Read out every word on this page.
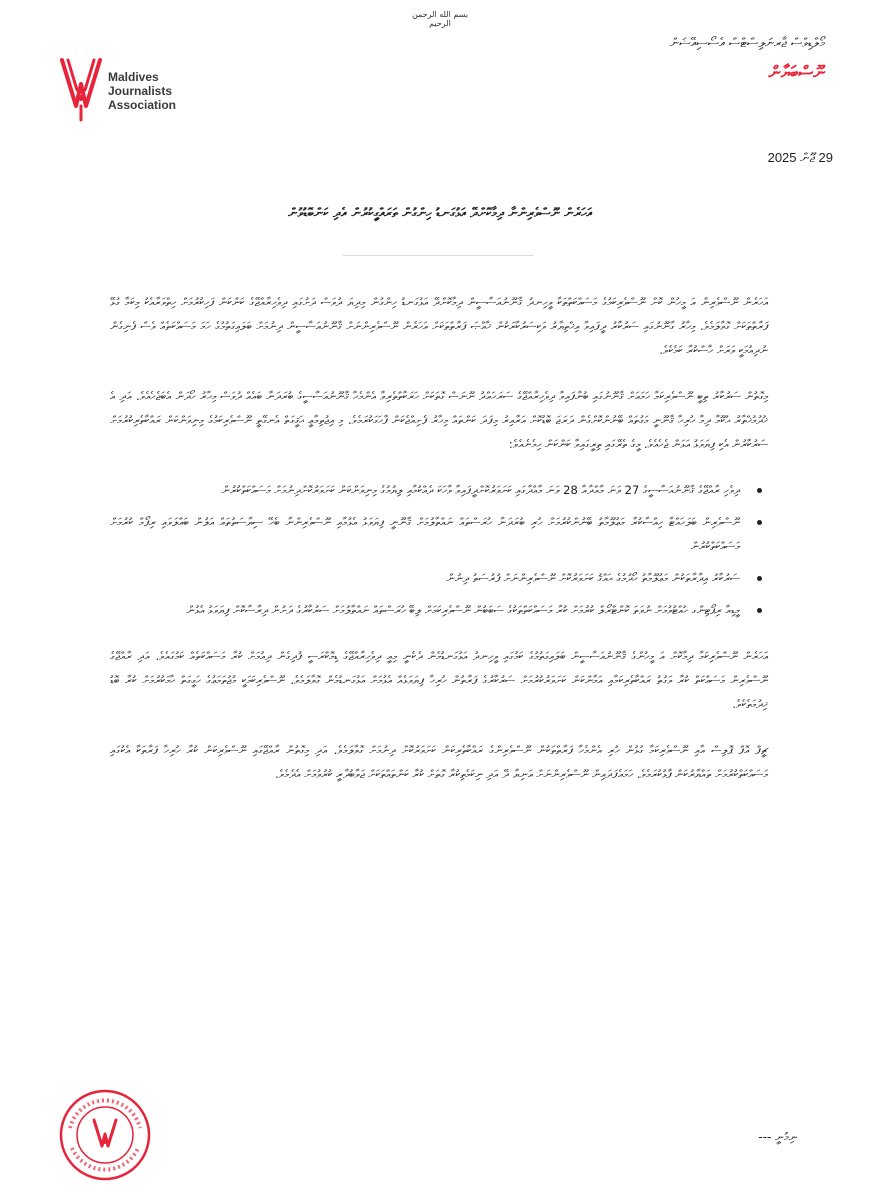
بسم الله الرحمن الرحيم
Maldives
Journalists
Association
މޯލްޑިވްސް ޖާރނަލިސްޓްސް އެސޯސިއޭޝަން
ނޫސްބަޔާން
29 ޖޫން 2025
އަހަރެން ނޫސްވެރިންނާ ދިމާކޮށްދޭ އަޅުގަނޑު ހިންގުން ތަރައްގީކުރުން އެދި ކަންބޮޑުވުން

އަހަރެން ނޫސްވެރިން އަ މީހުން ކޮށް ނޫސްވެރިކަމުގެ މަސައްކަތްތަކާ ވީހިނދު ޤާނޫނުއަސާސީން ދިމާކޮށްދޭ އަޅުގަނޑު ހިންގުން މިދިޔަ ދުވަސް ދަށުގައި ދިވެހިރާއްޖޭގެ ކަންކަން ފަހިކުރުމަށް ހިތްވަރާއެކު މިކަމާ ގުޅޭ ފަރާތްތަކަށް ގޮވާލަމެވެ. މިހާރު ގާނޫނުގައި ސަރުކާރު ދީފައިވާ އިޚްތިޔާރު ވަކިސަރުކާރަކުން ޚާއްޞަ ފަރާތްތަކަށް އަހަރެން ނޫސްވެރިންނަށް ޤާނޫނުއަސާސީން ދިނުމަށް ބަލައިގަތުމުގެ ހަމަ މަސައްކަތެއް ވެސް ފެނިގެން ނުދިއުމަކީ ވަރަށް ހާސްކުރާ ކަމެކެވެ.

މިގޮތުން ސަރުކާރު ތިބީ ނޫސްވެރިކަމާ ހަމައަށް ޤާނޫނުގައި ބުނާފައިވާ ދިވެހިރާއްޖޭގެ ސަރަހައްދު ނޫނަސް ގޮތަކަށް ހަރަކާތްތެރިވާ އެންމެހާ ޤާނޫނުއަސާސީގެ ބުރަދަނާ ބައެއް ދުވަސް މިހާރު ހޯދަން އެބަޖެހެއެވެ. އަދި އެ ޚުދުމުޚްތާރު ޙުކޫމާ ދިމާ ހުރިހާ ޤާނޫނީ މަގުތައް ބޭނުންކޮށްގެން ދަރަޖަ ބޮޑުކޮށް އަރާއިރު މިފަދަ ކަންތައް މިހާރު ފެށިއްޖެކަން ފާހަގަކުރަމެވެ. މި އިޖުތިމާޢީ ޙަޤީގަތް އެނގޭތީ ނޫސްވެރިކަމުގެ މިނިވަންކަން ރައްކާތެރިކުރުމަށް ސަރުކާރުން އެކި ފިޔަވަޅު އަޅަން ޖެހެއެވެ. މީގެ ތެރޭގައި ތިރީގައިވާ ކަންކަން ހިމެނެއެވެ:

ދިވެހި ރާއްޖޭގެ ޤާނޫނުއަސާސީގެ 27 ވަނަ މާއްދާއާ 28 ވަނަ މާއްދާގައި ކަށަވަރުކޮށްދީފައިވާ ވާހަކަ ދެއްކުމާއި ލިޔުމުގެ މިނިވަންކަން ކަށަވަރުކޮށްދިނުމަށް މަސައްކަތްކުރުން
ނޫސްވެރިން ބަލަހައްޓާ ހިއްސާކުރާ މަޢުލޫމާތު ބޭނުންކުރުމަށް ހުރި ބުރަދަނާ ހުރަސްތައް ނައްތާލުމަށް ޤާނޫނީ ފިޔަވަޅު އެޅުމާއި ނޫސްވެރިންނާ ބެހޭ ސިޔާސަތުތައް އަލުން ބައްލަވައި ރިފޯމް ކުރުމަށް މަސައްކަތްކުރުން
ސަރުކާރު އިދާރާތަކުން މަޢުލޫމާތު ހޯދުމުގެ ޙައްޤު ކަށަވަރުކޮށް ނޫސްވެރިންނަށް ފުރުސަތު ދިނުން
މީޑިއާ ރިޕޯޓިންގ ހުއްޓުވުމަށް ނުވަތަ ކޮންޓްރޯލް ކުރުމަށް ކުރާ މަސައްކަތްތަކުގެ ސަބަބުން ނޫސްވެރިކަމަށް ލިބޭ ހުރަސްތައް ނައްތާލުމަށް ސަރުކާރުގެ ދަށުން ދިރާސާކޮށް ފިޔަވަޅު އެޅުން

އަހަރެން ނޫސްވެރިކަމާ ދިމާކޮށް އަ މީހުންގެ ޤާނޫނުއަސާސީން ބަލައިގަތުމުގެ ކަމުގައި ވީހިނދު އަޅުގަނޑުމެން ދެކެނީ މިއީ ދިވެހިރާއްޖޭގެ ޑިމޮކްރަސީ ފުދިގެން ދިއުމަށް ކުރާ މަސައްކަތެއް ކަމުގައެވެ. އަދި ރާއްޖޭގެ ނޫސްވެރިން މަސައްކަތް ކުރާ ވަގުތު ރައްކާތެރިކަމާއި އަމާންކަން ކަށަވަރުކުރުމަށް ސަރުކާރުގެ ފަރާތުން ހުރިހާ ފިޔަވަޅެއް އެޅުމަށް އަޅުގަނޑުމެން ގޮވާލަމެވެ. ނޫސްވެރިކަމަކީ މުޖުތަމަޢުގެ ހަގީގަތް ހާމަކުރުމަށް ކުރާ ބޮޑު ޚިދުމަތެކެވެ.

ޗީފް އޮފް ޕޮލިސް އާއި ނޫސްވެރިކަމާ ގުޅުން ހުރި އެންމެހާ ފަރާތްތަކުން ނޫސްވެރިންގެ ރައްކާތެރިކަން ކަށަވަރުކޮށް ދިނުމަށް ގޮވާލަމެވެ. އަދި މިގޮތުން ރާއްޖޭގައި ނޫސްވެރިކަން ކުރާ ހުރިހާ ފަރާތަކާ އެކުގައި މަސައްކަތްކުރުމަށް ތައްޔާރުކަން ފާޅުކުރަމެވެ. ހަމައެފަދައިން ނޫސްވެރިންނަށް އަނިޔާ ދޭ އަދި ނިކަމެތިކުރާ ގޮތަށް ކުރާ ކަންތައްތަކަށް ޖަވާބުދާރީ ކުރުވުމަށް އެދެމެވެ.

ނިމުނީ ---
